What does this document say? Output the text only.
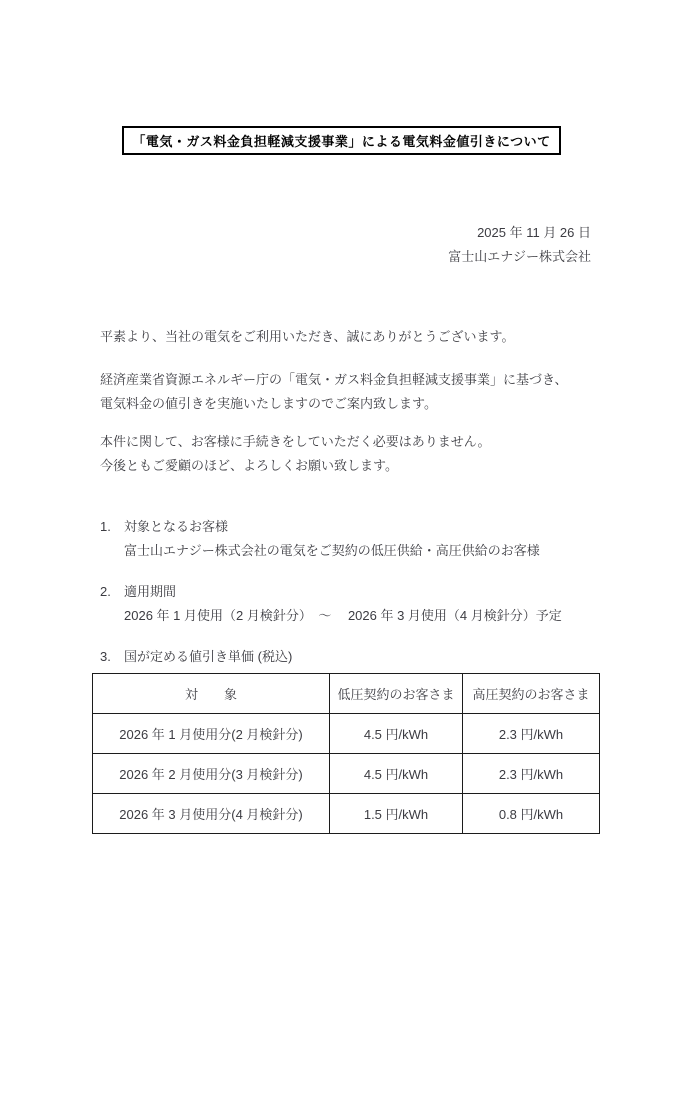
「電気・ガス料金負担軽減支援事業」による電気料金値引きについて
2025 年 11 月 26 日
富士山エナジー株式会社

平素より、当社の電気をご利用いただき、誠にありがとうございます。

経済産業省資源エネルギー庁の「電気・ガス料金負担軽減支援事業」に基づき、
電気料金の値引きを実施いたしますのでご案内致します。

本件に関して、お客様に手続きをしていただく必要はありません。
今後ともご愛顧のほど、よろしくお願い致します。

1.	対象となるお客様
富士山エナジー株式会社の電気をご契約の低圧供給・高圧供給のお客様
2.	適用期間
2026 年 1 月使用（2 月検針分）　～　 2026 年 3 月使用（4 月検針分）予定
3.	国が定める値引き単価 (税込)
対　　象	低圧契約のお客さま	高圧契約のお客さま
2026 年 1 月使用分(2 月検針分)	4.5 円/kWh	2.3 円/kWh
2026 年 2 月使用分(3 月検針分)	4.5 円/kWh	2.3 円/kWh
2026 年 3 月使用分(4 月検針分)	1.5 円/kWh	0.8 円/kWh
